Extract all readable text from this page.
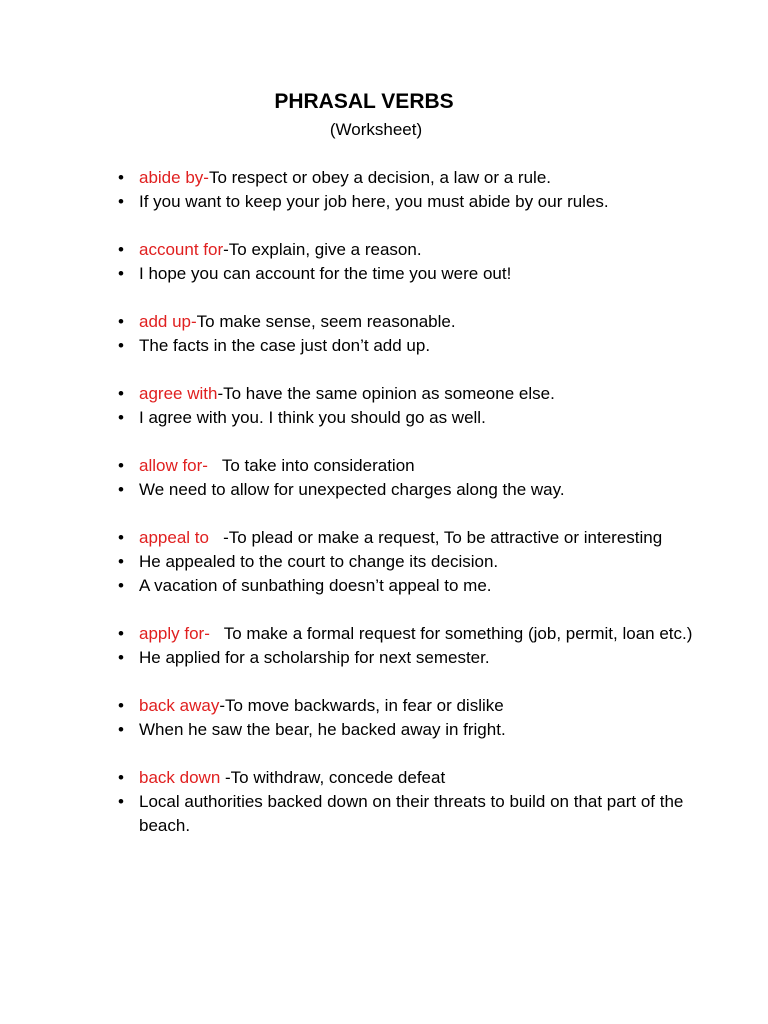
PHRASAL VERBS
(Worksheet)
• abide by-To respect or obey a decision, a law or a rule.
• If you want to keep your job here, you must abide by our rules.
• account for-To explain, give a reason.
• I hope you can account for the time you were out!
• add up-To make sense, seem reasonable.
• The facts in the case just don’t add up.
• agree with-To have the same opinion as someone else.
• I agree with you. I think you should go as well.
• allow for-   To take into consideration
• We need to allow for unexpected charges along the way.
• appeal to   -To plead or make a request, To be attractive or interesting
• He appealed to the court to change its decision.
• A vacation of sunbathing doesn’t appeal to me.
• apply for-   To make a formal request for something (job, permit, loan etc.)
• He applied for a scholarship for next semester.
• back away-To move backwards, in fear or dislike
• When he saw the bear, he backed away in fright.
• back down -To withdraw, concede defeat
• Local authorities backed down on their threats to build on that part of the beach.
